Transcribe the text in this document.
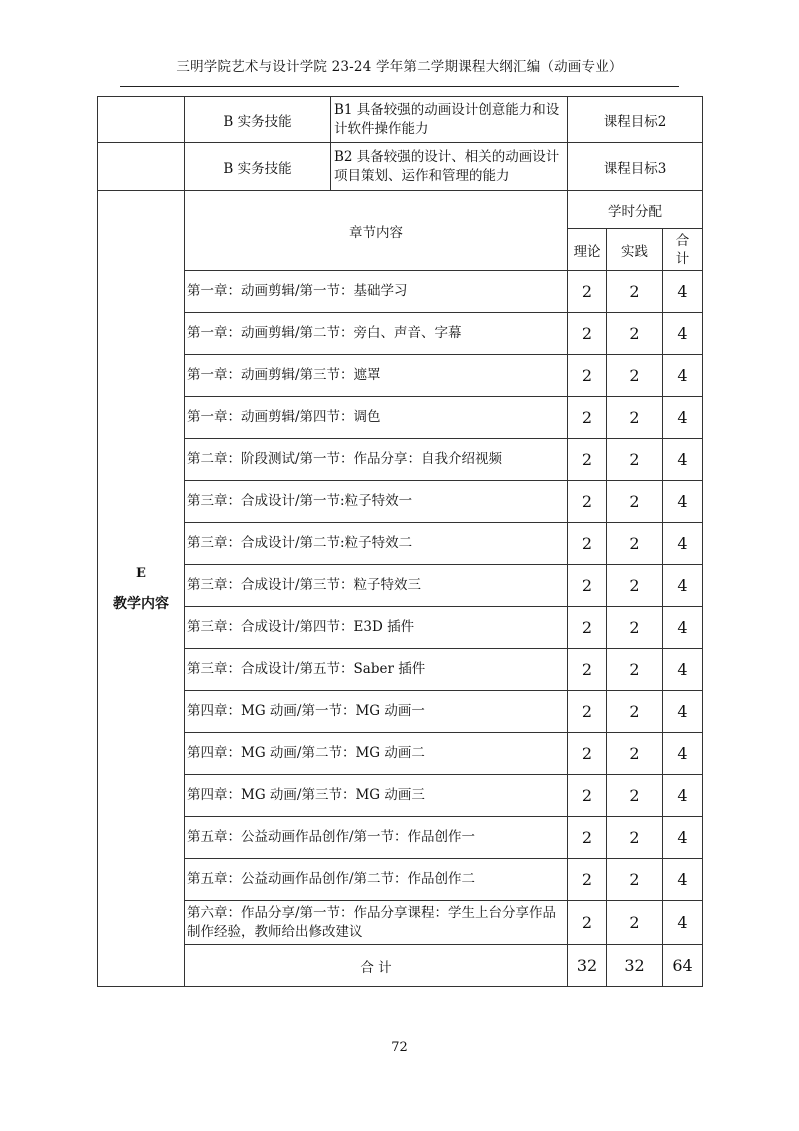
三明学院艺术与设计学院 23-24 学年第二学期课程大纲汇编（动画专业）
	B 实务技能	B1 具备较强的动画设计创意能力和设计软件操作能力	课程目标2		
	B 实务技能	B2 具备较强的设计、相关的动画设计项目策划、运作和管理的能力	课程目标3		

E
教学内容	章节内容		学时分配		
			理论	实践	合计
	第一章：动画剪辑/第一节：基础学习		2	2	4
	第一章：动画剪辑/第二节：旁白、声音、字幕		2	2	4
	第一章：动画剪辑/第三节：遮罩		2	2	4
	第一章：动画剪辑/第四节：调色		2	2	4
	第二章：阶段测试/第一节：作品分享：自我介绍视频		2	2	4
	第三章：合成设计/第一节:粒子特效一		2	2	4
	第三章：合成设计/第二节:粒子特效二		2	2	4
	第三章：合成设计/第三节：粒子特效三		2	2	4
	第三章：合成设计/第四节：E3D 插件		2	2	4
	第三章：合成设计/第五节：Saber 插件		2	2	4
	第四章：MG 动画/第一节：MG 动画一		2	2	4
	第四章：MG 动画/第二节：MG 动画二		2	2	4
	第四章：MG 动画/第三节：MG 动画三		2	2	4
	第五章：公益动画作品创作/第一节：作品创作一		2	2	4
	第五章：公益动画作品创作/第二节：作品创作二		2	2	4
	第六章：作品分享/第一节：作品分享课程：学生上台分享作品制作经验，教师给出修改建议		2	2	4
	合 计		32	32	64
72
